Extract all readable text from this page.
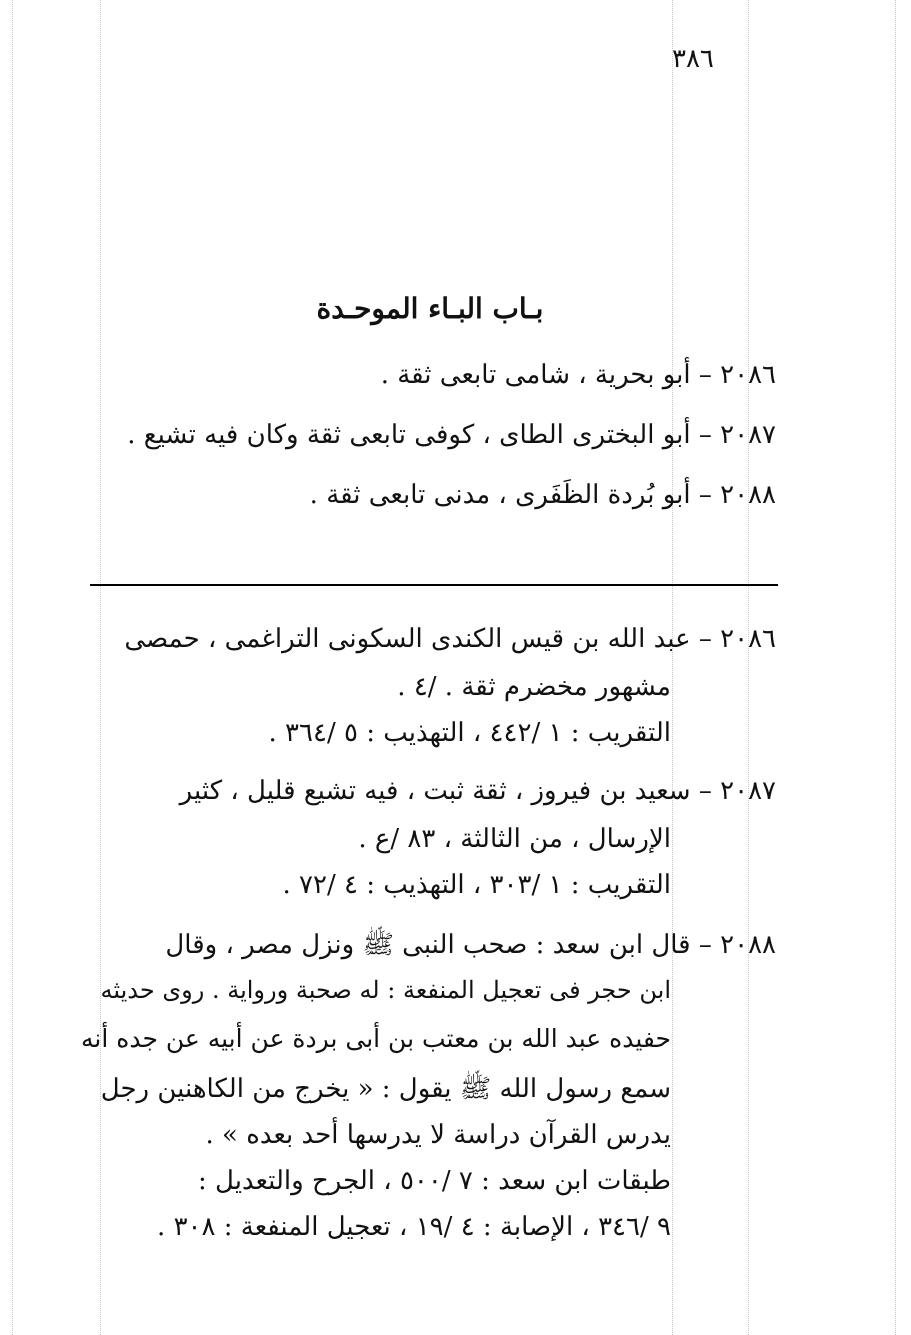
٣٨٦
بـاب البـاء الموحـدة
٢٠٨٦ – أبو بحرية ، شامى تابعى ثقة .
٢٠٨٧ – أبو البخترى الطاى ، كوفى تابعى ثقة وكان فيه تشيع .
٢٠٨٨ – أبو بُردة الظَفَرى ، مدنى تابعى ثقة .
٢٠٨٦ – عبد الله بن قيس الكندى السكونى التراغمى ، حمصى
مشهور مخضرم ثقة . /٤ .
التقريب : ١ /٤٤٢ ، التهذيب : ٥ /٣٦٤ .
٢٠٨٧ – سعيد بن فيروز ، ثقة ثبت ، فيه تشيع قليل ، كثير
الإرسال ، من الثالثة ، ٨٣ /ع .
التقريب : ١ /٣٠٣ ، التهذيب : ٤ /٧٢ .
٢٠٨٨ – قال ابن سعد : صحب النبى ﷺ ونزل مصر ، وقال
ابن حجر فى تعجيل المنفعة : له صحبة ورواية . روى حديثه
حفيده عبد الله بن معتب بن أبى بردة عن أبيه عن جده أنه
سمع رسول الله ﷺ يقول : « يخرج من الكاهنين رجل
يدرس القرآن دراسة لا يدرسها أحد بعده » .
طبقات ابن سعد : ٧ /٥٠٠ ، الجرح والتعديل :
٩ /٣٤٦ ، الإصابة : ٤ /١٩ ، تعجيل المنفعة : ٣٠٨ .
